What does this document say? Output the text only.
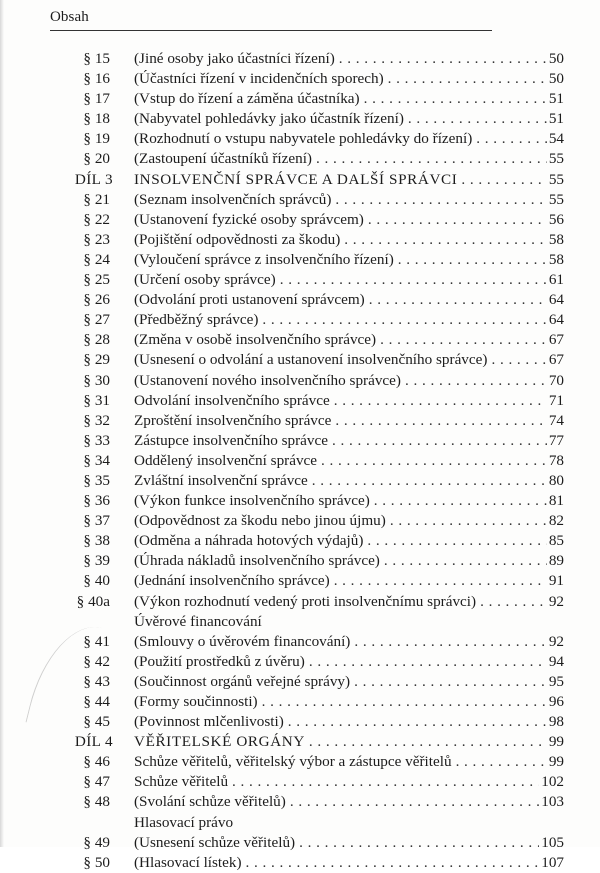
Obsah
§ 15 (Jiné osoby jako účastníci řízení) . . .	50
§ 16 (Účastníci řízení v incidenčních sporech) . . .	50
§ 17 (Vstup do řízení a záměna účastníka) . . .	51
§ 18 (Nabyvatel pohledávky jako účastník řízení) . . .	51
§ 19 (Rozhodnutí o vstupu nabyvatele pohledávky do řízení) . . .	54
§ 20 (Zastoupení účastníků řízení) . . .	55
DÍL 3 INSOLVENČNÍ SPRÁVCE A DALŠÍ SPRÁVCI . . .	55
§ 21 (Seznam insolvenčních správců) . . .	55
§ 22 (Ustanovení fyzické osoby správcem) . . .	56
§ 23 (Pojištění odpovědnosti za škodu) . . .	58
§ 24 (Vyloučení správce z insolvenčního řízení) . . .	58
§ 25 (Určení osoby správce) . . .	61
§ 26 (Odvolání proti ustanovení správcem) . . .	64
§ 27 (Předběžný správce) . . .	64
§ 28 (Změna v osobě insolvenčního správce) . . .	67
§ 29 (Usnesení o odvolání a ustanovení insolvenčního správce) . . .	67
§ 30 (Ustanovení nového insolvenčního správce) . . .	70
§ 31 Odvolání insolvenčního správce . . .	71
§ 32 Zproštění insolvenčního správce . . .	74
§ 33 Zástupce insolvenčního správce . . .	77
§ 34 Oddělený insolvenční správce . . .	78
§ 35 Zvláštní insolvenční správce . . .	80
§ 36 (Výkon funkce insolvenčního správce) . . .	81
§ 37 (Odpovědnost za škodu nebo jinou újmu) . . .	82
§ 38 (Odměna a náhrada hotových výdajů) . . .	85
§ 39 (Úhrada nákladů insolvenčního správce) . . .	89
§ 40 (Jednání insolvenčního správce) . . .	91
§ 40a (Výkon rozhodnutí vedený proti insolvenčnímu správci) . . .	92
Úvěrové financování
§ 41 (Smlouvy o úvěrovém financování) . . .	92
§ 42 (Použití prostředků z úvěru) . . .	94
§ 43 (Součinnost orgánů veřejné správy) . . .	95
§ 44 (Formy součinnosti) . . .	96
§ 45 (Povinnost mlčenlivosti) . . .	98
DÍL 4 VĚŘITELSKÉ ORGÁNY . . .	99
§ 46 Schůze věřitelů, věřitelský výbor a zástupce věřitelů . . .	99
§ 47 Schůze věřitelů . . .	102
§ 48 (Svolání schůze věřitelů) . . .	103
Hlasovací právo
§ 49 (Usnesení schůze věřitelů) . . .	105
§ 50 (Hlasovací lístek) . . .	107
